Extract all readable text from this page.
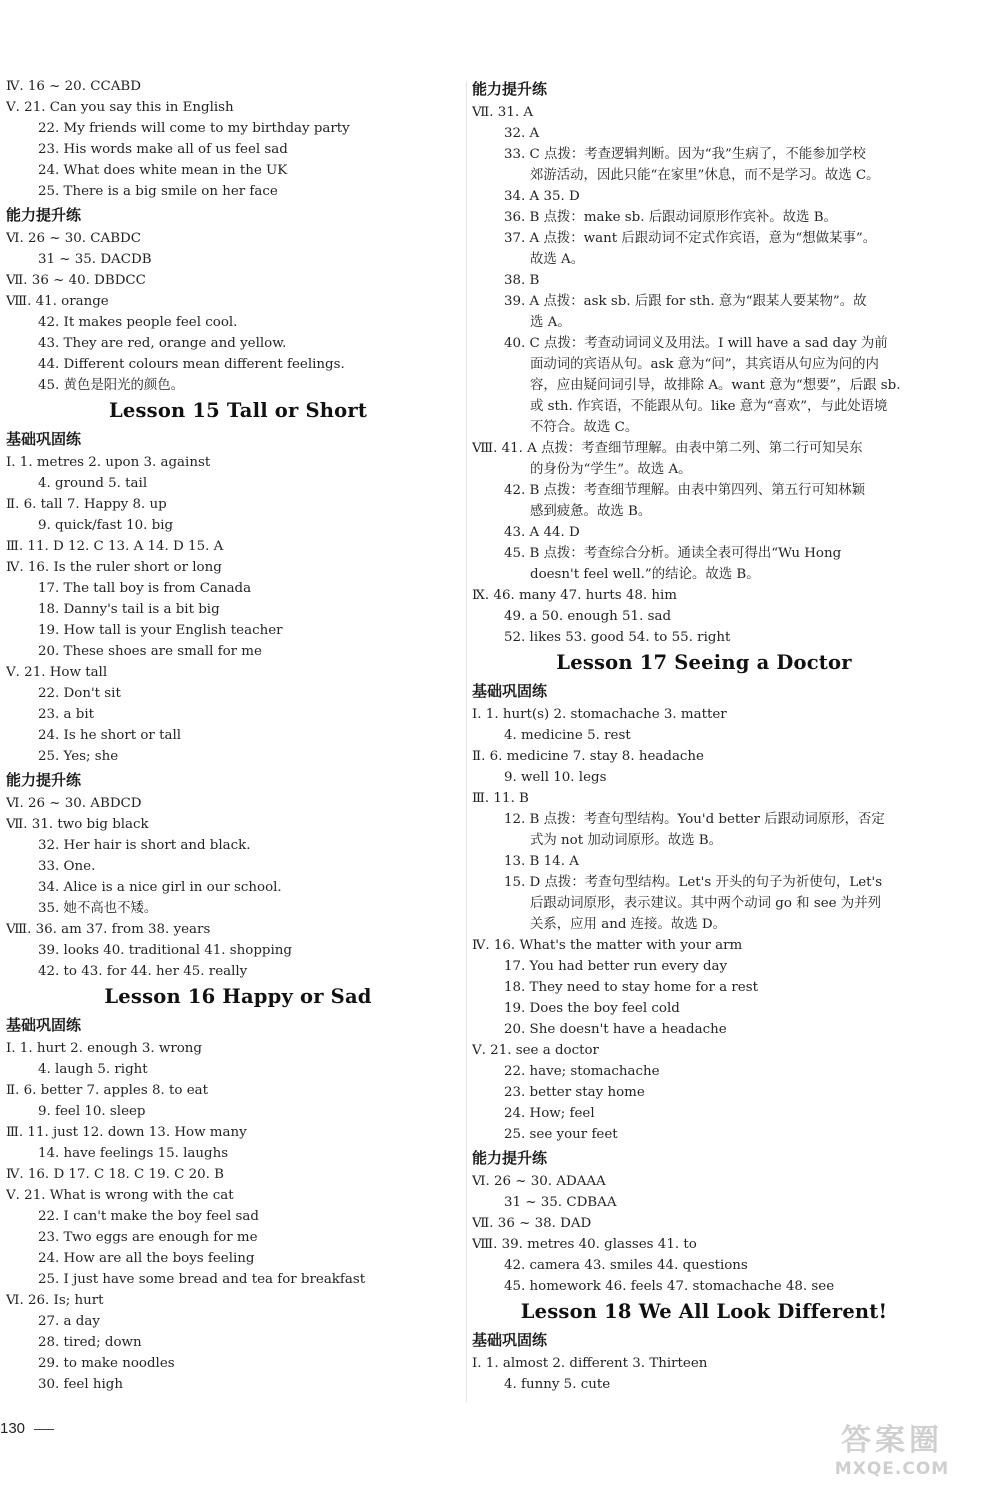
Ⅳ. 16 ~ 20. CCABD
Ⅴ. 21. Can you say this in English
22. My friends will come to my birthday party
23. His words make all of us feel sad
24. What does white mean in the UK
25. There is a big smile on her face
能力提升练
Ⅵ. 26 ~ 30. CABDC
31 ~ 35. DACDB
Ⅶ. 36 ~ 40. DBDCC
Ⅷ. 41. orange
42. It makes people feel cool.
43. They are red, orange and yellow.
44. Different colours mean different feelings.
45. 黄色是阳光的颜色。
Lesson 15 Tall or Short
基础巩固练
Ⅰ. 1. metres 2. upon 3. against
4. ground 5. tail
Ⅱ. 6. tall 7. Happy 8. up
9. quick/fast 10. big
Ⅲ. 11. D 12. C 13. A 14. D 15. A
Ⅳ. 16. Is the ruler short or long
17. The tall boy is from Canada
18. Danny's tail is a bit big
19. How tall is your English teacher
20. These shoes are small for me
Ⅴ. 21. How tall
22. Don't sit
23. a bit
24. Is he short or tall
25. Yes; she
能力提升练
Ⅵ. 26 ~ 30. ABDCD
Ⅶ. 31. two big black
32. Her hair is short and black.
33. One.
34. Alice is a nice girl in our school.
35. 她不高也不矮。
Ⅷ. 36. am 37. from 38. years
39. looks 40. traditional 41. shopping
42. to 43. for 44. her 45. really
Lesson 16 Happy or Sad
基础巩固练
Ⅰ. 1. hurt 2. enough 3. wrong
4. laugh 5. right
Ⅱ. 6. better 7. apples 8. to eat
9. feel 10. sleep
Ⅲ. 11. just 12. down 13. How many
14. have feelings 15. laughs
Ⅳ. 16. D 17. C 18. C 19. C 20. B
Ⅴ. 21. What is wrong with the cat
22. I can't make the boy feel sad
23. Two eggs are enough for me
24. How are all the boys feeling
25. I just have some bread and tea for breakfast
Ⅵ. 26. Is; hurt
27. a day
28. tired; down
29. to make noodles
30. feel high
能力提升练
Ⅶ. 31. A
32. A
33. C 点拨：考查逻辑判断。因为“我”生病了，不能参加学校
郊游活动，因此只能“在家里”休息，而不是学习。故选 C。
34. A 35. D
36. B 点拨：make sb. 后跟动词原形作宾补。故选 B。
37. A 点拨：want 后跟动词不定式作宾语，意为“想做某事”。
故选 A。
38. B
39. A 点拨：ask sb. 后跟 for sth. 意为“跟某人要某物”。故
选 A。
40. C 点拨：考查动词词义及用法。I will have a sad day 为前
面动词的宾语从句。ask 意为“问”，其宾语从句应为问的内
容，应由疑问词引导，故排除 A。want 意为“想要”，后跟 sb.
或 sth. 作宾语，不能跟从句。like 意为“喜欢”，与此处语境
不符合。故选 C。
Ⅷ. 41. A 点拨：考查细节理解。由表中第二列、第二行可知吴东
的身份为“学生”。故选 A。
42. B 点拨：考查细节理解。由表中第四列、第五行可知林颖
感到疲惫。故选 B。
43. A 44. D
45. B 点拨：考查综合分析。通读全表可得出“Wu Hong
doesn't feel well.”的结论。故选 B。
Ⅸ. 46. many 47. hurts 48. him
49. a 50. enough 51. sad
52. likes 53. good 54. to 55. right
Lesson 17 Seeing a Doctor
基础巩固练
Ⅰ. 1. hurt(s) 2. stomachache 3. matter
4. medicine 5. rest
Ⅱ. 6. medicine 7. stay 8. headache
9. well 10. legs
Ⅲ. 11. B
12. B 点拨：考查句型结构。You'd better 后跟动词原形，否定
式为 not 加动词原形。故选 B。
13. B 14. A
15. D 点拨：考查句型结构。Let's 开头的句子为祈使句，Let's
后跟动词原形，表示建议。其中两个动词 go 和 see 为并列
关系，应用 and 连接。故选 D。
Ⅳ. 16. What's the matter with your arm
17. You had better run every day
18. They need to stay home for a rest
19. Does the boy feel cold
20. She doesn't have a headache
Ⅴ. 21. see a doctor
22. have; stomachache
23. better stay home
24. How; feel
25. see your feet
能力提升练
Ⅵ. 26 ~ 30. ADAAA
31 ~ 35. CDBAA
Ⅶ. 36 ~ 38. DAD
Ⅷ. 39. metres 40. glasses 41. to
42. camera 43. smiles 44. questions
45. homework 46. feels 47. stomachache 48. see
Lesson 18 We All Look Different!
基础巩固练
Ⅰ. 1. almost 2. different 3. Thirteen
4. funny 5. cute
130	答案圈
MXQE.COM
